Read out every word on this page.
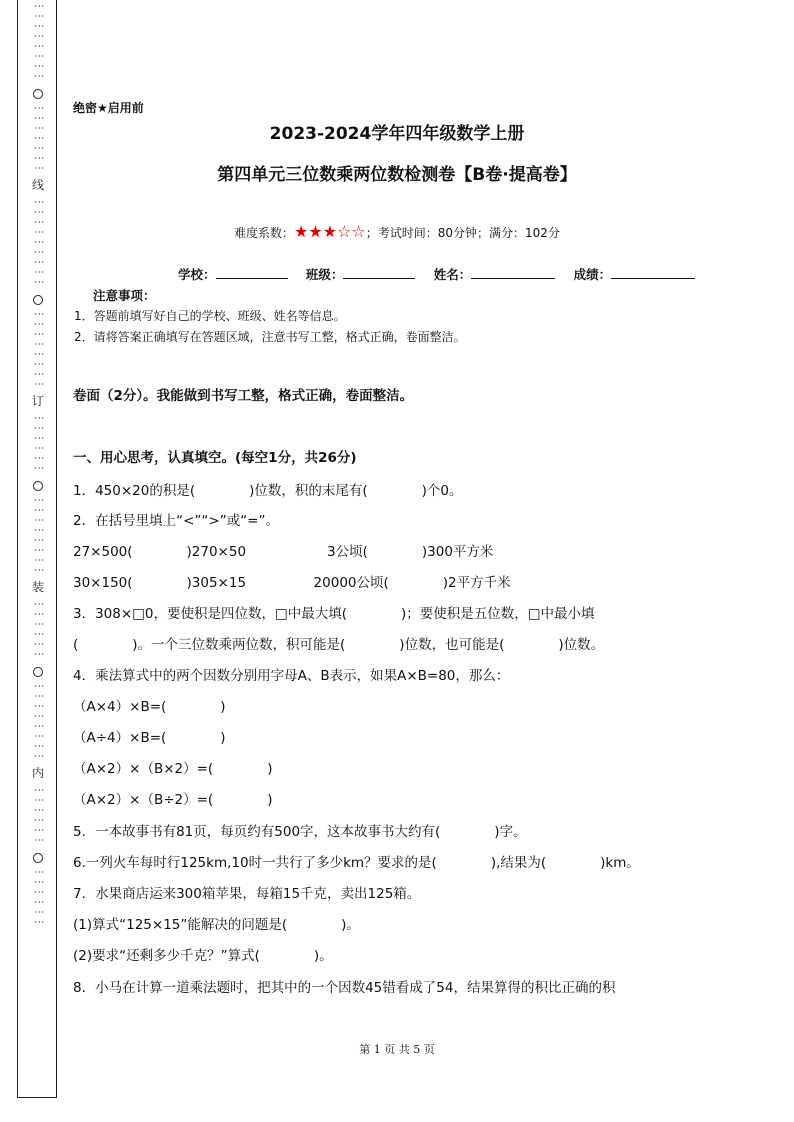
⋮⋮⋮
⋮⋮⋮⋮⋮
⋮⋮⋮⋮⋮⋮⋮
线
⋮⋮⋮⋮⋮⋮⋮⋮⋮
⋮⋮⋮⋮⋮⋮⋮⋮
订
⋮⋮⋮⋮⋮⋮
⋮⋮⋮⋮⋮⋮⋮⋮
装
⋮⋮⋮⋮⋮⋮
⋮⋮⋮⋮⋮⋮⋮⋮
内
⋮⋮⋮⋮⋮⋮
⋮⋮⋮⋮⋮⋮
绝密★启用前
2023-2024学年四年级数学上册
第四单元三位数乘两位数检测卷【B卷·提高卷】
难度系数：★★★☆☆；考试时间：80分钟；满分：102分
学校：	班级：	姓名：	成绩：
注意事项：
1．答题前填写好自己的学校、班级、姓名等信息。
2．请将答案正确填写在答题区域，注意书写工整，格式正确，卷面整洁。
卷面（2分）。我能做到书写工整，格式正确，卷面整洁。
一、用心思考，认真填空。(每空1分，共26分)
1．450×20的积是(　　　　)位数，积的末尾有(　　　　)个0。
2．在括号里填上“<”“>”或“=”。
27×500(　　　　)270×50　　　　　　3公顷(　　　　)300平方米
30×150(　　　　)305×15　　　　　20000公顷(　　　　)2平方千米
3．308×□0，要使积是四位数，□中最大填(　　　　)；要使积是五位数，□中最小填
(　　　　)。一个三位数乘两位数，积可能是(　　　　)位数，也可能是(　　　　)位数。
4．乘法算式中的两个因数分别用字母A、B表示，如果A×B=80，那么：
（A×4）×B=(　　　　)
（A÷4）×B=(　　　　)
（A×2）×（B×2）=(　　　　)
（A×2）×（B÷2）=(　　　　)
5．一本故事书有81页，每页约有500字，这本故事书大约有(　　　　)字。
6.一列火车每时行125km,10时一共行了多少km？要求的是(　　　　),结果为(　　　　)km。
7．水果商店运来300箱苹果，每箱15千克，卖出125箱。
(1)算式“125×15”能解决的问题是(　　　　)。
(2)要求“还剩多少千克？”算式(　　　　)。
8．小马在计算一道乘法题时，把其中的一个因数45错看成了54，结果算得的积比正确的积
第 1 页 共 5 页
